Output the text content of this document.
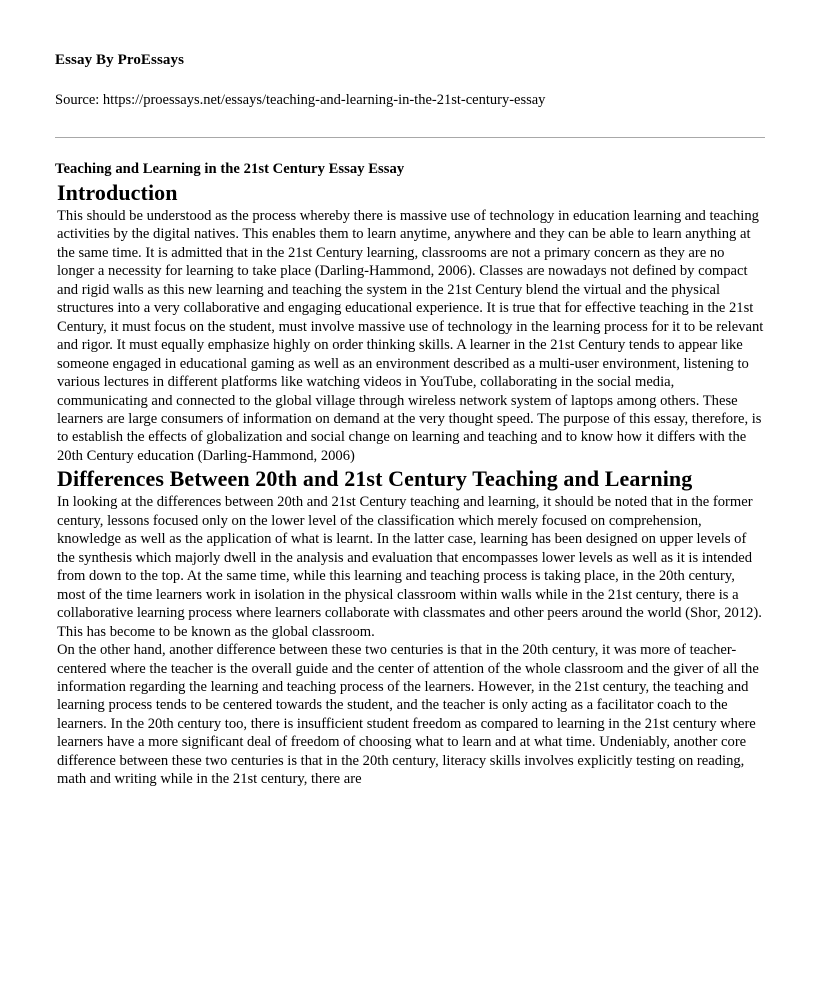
Essay By ProEssays
Source: https://proessays.net/essays/teaching-and-learning-in-the-21st-century-essay
Teaching and Learning in the 21st Century Essay Essay
Introduction

This should be understood as the process whereby there is massive use of technology in education learning and teaching activities by the digital natives. This enables them to learn anytime, anywhere and they can be able to learn anything at the same time. It is admitted that in the 21st Century learning, classrooms are not a primary concern as they are no longer a necessity for learning to take place (Darling-Hammond, 2006). Classes are nowadays not defined by compact and rigid walls as this new learning and teaching the system in the 21st Century blend the virtual and the physical structures into a very collaborative and engaging educational experience. It is true that for effective teaching in the 21st Century, it must focus on the student, must involve massive use of technology in the learning process for it to be relevant and rigor. It must equally emphasize highly on order thinking skills. A learner in the 21st Century tends to appear like someone engaged in educational gaming as well as an environment described as a multi-user environment, listening to various lectures in different platforms like watching videos in YouTube, collaborating in the social media, communicating and connected to the global village through wireless network system of laptops among others. These learners are large consumers of information on demand at the very thought speed. The purpose of this essay, therefore, is to establish the effects of globalization and social change on learning and teaching and to know how it differs with the 20th Century education (Darling-Hammond, 2006)

Differences Between 20th and 21st Century Teaching and Learning

In looking at the differences between 20th and 21st Century teaching and learning, it should be noted that in the former century, lessons focused only on the lower level of the classification which merely focused on comprehension, knowledge as well as the application of what is learnt. In the latter case, learning has been designed on upper levels of the synthesis which majorly dwell in the analysis and evaluation that encompasses lower levels as well as it is intended from down to the top. At the same time, while this learning and teaching process is taking place, in the 20th century, most of the time learners work in isolation in the physical classroom within walls while in the 21st century, there is a collaborative learning process where learners collaborate with classmates and other peers around the world (Shor, 2012). This has become to be known as the global classroom.

On the other hand, another difference between these two centuries is that in the 20th century, it was more of teacher-centered where the teacher is the overall guide and the center of attention of the whole classroom and the giver of all the information regarding the learning and teaching process of the learners. However, in the 21st century, the teaching and learning process tends to be centered towards the student, and the teacher is only acting as a facilitator coach to the learners. In the 20th century too, there is insufficient student freedom as compared to learning in the 21st century where learners have a more significant deal of freedom of choosing what to learn and at what time. Undeniably, another core difference between these two centuries is that in the 20th century, literacy skills involves explicitly testing on reading, math and writing while in the 21st century, there are
